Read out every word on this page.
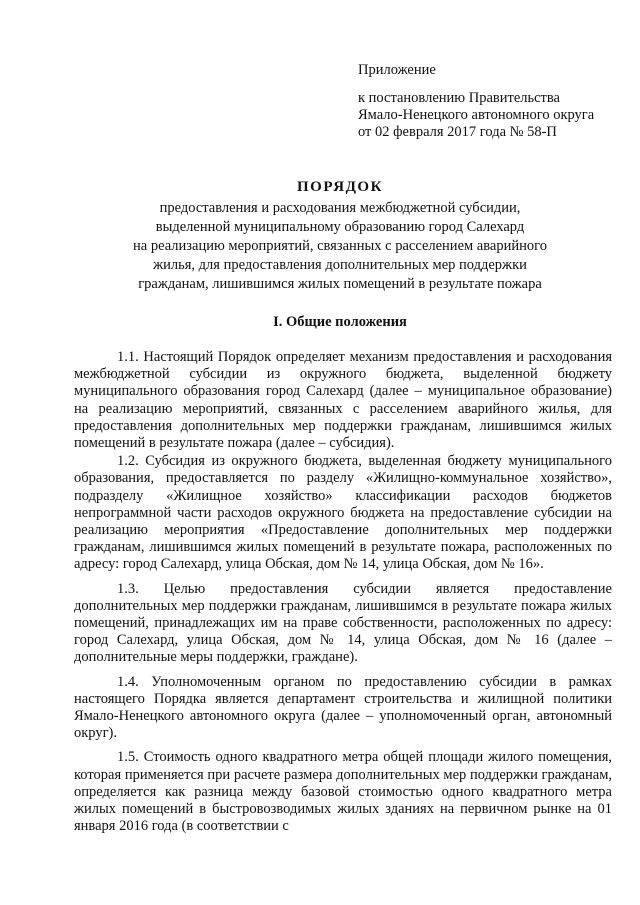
Приложение
к постановлению Правительства
Ямало-Ненецкого автономного округа
от 02 февраля 2017 года № 58-П
ПОРЯДОК
предоставления и расходования межбюджетной субсидии,
выделенной муниципальному образованию город Салехард
на реализацию мероприятий, связанных с расселением аварийного
жилья, для предоставления дополнительных мер поддержки
гражданам, лишившимся жилых помещений в результате пожара
I. Общие положения

1.1. Настоящий Порядок определяет механизм предоставления и расходования межбюджетной субсидии из окружного бюджета, выделенной бюджету муниципального образования город Салехард (далее – муниципальное образование) на реализацию мероприятий, связанных с расселением аварийного жилья, для предоставления дополнительных мер поддержки гражданам, лишившимся жилых помещений в результате пожара (далее – субсидия).

1.2. Субсидия из окружного бюджета, выделенная бюджету муниципального образования, предоставляется по разделу «Жилищно-коммунальное хозяйство», подразделу «Жилищное хозяйство» классификации расходов бюджетов непрограммной части расходов окружного бюджета на предоставление субсидии на реализацию мероприятия «Предоставление дополнительных мер поддержки гражданам, лишившимся жилых помещений в результате пожара, расположенных по адресу: город Салехард, улица Обская, дом № 14, улица Обская, дом № 16».

1.3. Целью предоставления субсидии является предоставление дополнительных мер поддержки гражданам, лишившимся в результате пожара жилых помещений, принадлежащих им на праве собственности, расположенных по адресу: город Салехард, улица Обская, дом № 14, улица Обская, дом № 16 (далее – дополнительные меры поддержки, граждане).

1.4. Уполномоченным органом по предоставлению субсидии в рамках настоящего Порядка является департамент строительства и жилищной политики Ямало-Ненецкого автономного округа (далее – уполномоченный орган, автономный округ).

1.5. Стоимость одного квадратного метра общей площади жилого помещения, которая применяется при расчете размера дополнительных мер поддержки гражданам, определяется как разница между базовой стоимостью одного квадратного метра жилых помещений в быстровозводимых жилых зданиях на первичном рынке на 01 января 2016 года (в соответствии с
